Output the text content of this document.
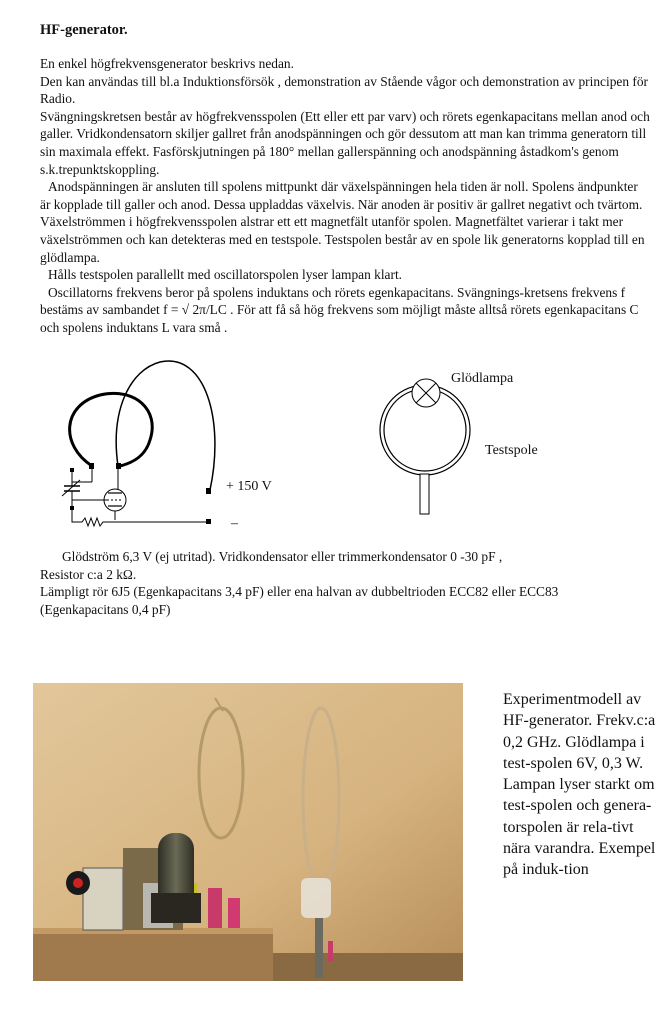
HF-generator.

En enkel högfrekvensgenerator beskrivs nedan.

Den kan användas till bl.a Induktionsförsök , demonstration av Stående vågor och demonstration av principen för Radio.

Svängningskretsen består av högfrekvensspolen (Ett eller ett par varv) och rörets egenkapacitans mellan anod och galler. Vridkondensatorn skiljer gallret från anodspänningen och gör dessutom att man kan trimma generatorn till sin maximala effekt. Fasförskjutningen på 180° mellan gallerspänning och anodspänning åstadkom's genom s.k.trepunktskoppling.

Anodspänningen är ansluten till spolens mittpunkt där växelspänningen hela tiden är noll. Spolens ändpunkter är kopplade till galler och anod. Dessa uppladdas växelvis. När anoden är positiv är gallret negativt och tvärtom. Växelströmmen i högfrekvensspolen alstrar ett ett magnetfält utanför spolen. Magnetfältet varierar i takt mer växelströmmen och kan detekteras med en testspole. Testspolen består av en spole lik generatorns kopplad till en glödlampa.

Hålls testspolen parallellt med oscillatorspolen lyser lampan klart.

Oscillatorns frekvens beror på spolens induktans och rörets egenkapacitans. Svängnings-kretsens frekvens f bestäms av sambandet f = √ 2π/LC . För att få så hög frekvens som möjligt måste alltså rörets egenkapacitans C och spolens induktans L vara små .

+ 150 V
–
Glödlampa
Testspole

Glödström 6,3 V (ej utritad). Vridkondensator eller trimmerkondensator 0 -30 pF ,

Resistor c:a 2 kΩ.

Lämpligt rör 6J5 (Egenkapacitans 3,4 pF) eller ena halvan av dubbeltrioden ECC82 eller ECC83 (Egenkapacitans 0,4 pF)

Experimentmodell av HF-generator. Frekv.c:a 0,2 GHz. Glödlampa i test-spolen 6V, 0,3 W. Lampan lyser starkt om test-spolen och genera-torspolen är rela-tivt nära varandra. Exempel på induk-tion
